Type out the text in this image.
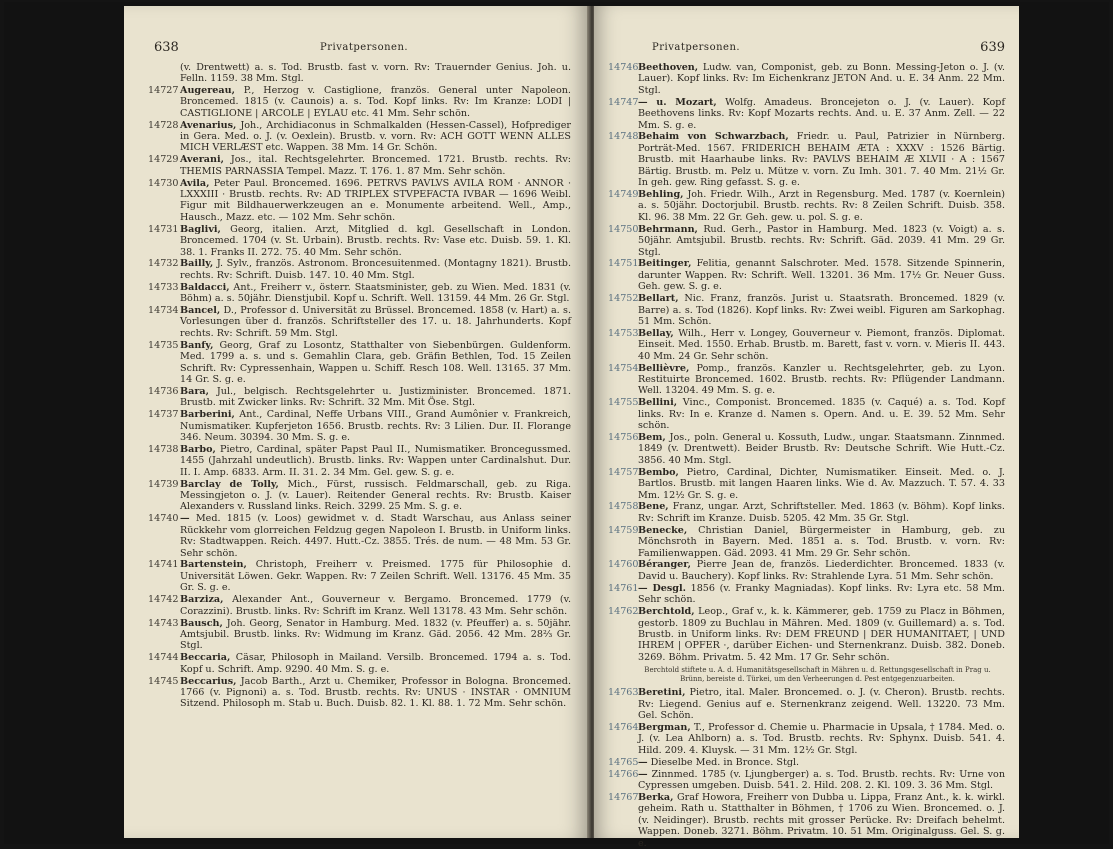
638	Privatpersonen.
(v. Drentwett) a. s. Tod. Brustb. fast v. vorn. Rv: Trauernder Genius. Joh. u. Felln. 1159. 38 Mm. Stgl.
14727 Augereau, P., Herzog v. Castiglione, französ. General unter Napoleon. Broncemed. 1815 (v. Caunois) a. s. Tod. Kopf links. Rv: Im Kranze: LODI | CASTIGLIONE | ARCOLE | EYLAU etc. 41 Mm. Sehr schön.
14728 Avenarius, Joh., Archidiaconus in Schmalkalden (Hessen-Cassel), Hofprediger in Gera. Med. o. J. (v. Oexlein). Brustb. v. vorn. Rv: ACH GOTT WENN ALLES MICH VERLÆST etc. Wappen. 38 Mm. 14 Gr. Schön.
14729 Averani, Jos., ital. Rechtsgelehrter. Broncemed. 1721. Brustb. rechts. Rv: THEMIS PARNASSIA Tempel. Mazz. T. 176. 1. 87 Mm. Sehr schön.
14730 Avila, Peter Paul. Broncemed. 1696. PETRVS PAVLVS AVILA ROM · ANNOR · LXXXIII · Brustb. rechts. Rv: AD TRIPLEX STVPEFACTA IVBAR — 1696 Weibl. Figur mit Bildhauerwerkzeugen an e. Monumente arbeitend. Well., Amp., Hausch., Mazz. etc. — 102 Mm. Sehr schön.
14731 Baglivi, Georg, italien. Arzt, Mitglied d. kgl. Gesellschaft in London. Broncemed. 1704 (v. St. Urbain). Brustb. rechts. Rv: Vase etc. Duisb. 59. 1. Kl. 38. 1. Franks II. 272. 75. 40 Mm. Sehr schön.
14732 Bailly, J. Sylv., französ. Astronom. Broncesuitenmed. (Montagny 1821). Brustb. rechts. Rv: Schrift. Duisb. 147. 10. 40 Mm. Stgl.
14733 Baldacci, Ant., Freiherr v., österr. Staatsminister, geb. zu Wien. Med. 1831 (v. Böhm) a. s. 50jähr. Dienstjubil. Kopf u. Schrift. Well. 13159. 44 Mm. 26 Gr. Stgl.
14734 Bancel, D., Professor d. Universität zu Brüssel. Broncemed. 1858 (v. Hart) a. s. Vorlesungen über d. französ. Schriftsteller des 17. u. 18. Jahrhunderts. Kopf rechts. Rv: Schrift. 59 Mm. Stgl.
14735 Banfy, Georg, Graf zu Losontz, Statthalter von Siebenbürgen. Guldenform. Med. 1799 a. s. und s. Gemahlin Clara, geb. Gräfin Bethlen, Tod. 15 Zeilen Schrift. Rv: Cypressenhain, Wappen u. Schiff. Resch 108. Well. 13165. 37 Mm. 14 Gr. S. g. e.
14736 Bara, Jul., belgisch. Rechtsgelehrter u. Justizminister. Broncemed. 1871. Brustb. mit Zwicker links. Rv: Schrift. 32 Mm. Mit Öse. Stgl.
14737 Barberini, Ant., Cardinal, Neffe Urbans VIII., Grand Aumônier v. Frankreich, Numismatiker. Kupferjeton 1656. Brustb. rechts. Rv: 3 Lilien. Dur. II. Florange 346. Neum. 30394. 30 Mm. S. g. e.
14738 Barbo, Pietro, Cardinal, später Papst Paul II., Numismatiker. Broncegussmed. 1455 (Jahrzahl undeutlich). Brustb. links. Rv: Wappen unter Cardinalshut. Dur. II. I. Amp. 6833. Arm. II. 31. 2. 34 Mm. Gel. gew. S. g. e.
14739 Barclay de Tolly, Mich., Fürst, russisch. Feldmarschall, geb. zu Riga. Messingjeton o. J. (v. Lauer). Reitender General rechts. Rv: Brustb. Kaiser Alexanders v. Russland links. Reich. 3299. 25 Mm. S. g. e.
14740 — Med. 1815 (v. Loos) gewidmet v. d. Stadt Warschau, aus Anlass seiner Rückkehr vom glorreichen Feldzug gegen Napoleon I. Brustb. in Uniform links. Rv: Stadtwappen. Reich. 4497. Hutt.-Cz. 3855. Trés. de num. — 48 Mm. 53 Gr. Sehr schön.
14741 Bartenstein, Christoph, Freiherr v. Preismed. 1775 für Philosophie d. Universität Löwen. Gekr. Wappen. Rv: 7 Zeilen Schrift. Well. 13176. 45 Mm. 35 Gr. S. g. e.
14742 Barziza, Alexander Ant., Gouverneur v. Bergamo. Broncemed. 1779 (v. Corazzini). Brustb. links. Rv: Schrift im Kranz. Well 13178. 43 Mm. Sehr schön.
14743 Bausch, Joh. Georg, Senator in Hamburg. Med. 1832 (v. Pfeuffer) a. s. 50jähr. Amtsjubil. Brustb. links. Rv: Widmung im Kranz. Gäd. 2056. 42 Mm. 28⅔ Gr. Stgl.
14744 Beccaria, Cäsar, Philosoph in Mailand. Versilb. Broncemed. 1794 a. s. Tod. Kopf u. Schrift. Amp. 9290. 40 Mm. S. g. e.
14745 Beccarius, Jacob Barth., Arzt u. Chemiker, Professor in Bologna. Broncemed. 1766 (v. Pignoni) a. s. Tod. Brustb. rechts. Rv: UNUS · INSTAR · OMNIUM Sitzend. Philosoph m. Stab u. Buch. Duisb. 82. 1. Kl. 88. 1. 72 Mm. Sehr schön.
Privatpersonen.	639
14746 Beethoven, Ludw. van, Componist, geb. zu Bonn. Messing-Jeton o. J. (v. Lauer). Kopf links. Rv: Im Eichenkranz JETON And. u. E. 34 Anm. 22 Mm. Stgl.
14747 — u. Mozart, Wolfg. Amadeus. Broncejeton o. J. (v. Lauer). Kopf Beethovens links. Rv: Kopf Mozarts rechts. And. u. E. 37 Anm. Zell. — 22 Mm. S. g. e.
14748 Behaim von Schwarzbach, Friedr. u. Paul, Patrizier in Nürnberg. Porträt-Med. 1567. FRIDERICH BEHAIM ÆTA : XXXV : 1526 Bärtig. Brustb. mit Haarhaube links. Rv: PAVLVS BEHAIM Æ XLVII · A : 1567 Bärtig. Brustb. m. Pelz u. Mütze v. vorn. Zu Imh. 301. 7. 40 Mm. 21½ Gr. In geh. gew. Ring gefasst. S. g. e.
14749 Behling, Joh. Friedr. Wilh., Arzt in Regensburg. Med. 1787 (v. Koernlein) a. s. 50jähr. Doctorjubil. Brustb. rechts. Rv: 8 Zeilen Schrift. Duisb. 358. Kl. 96. 38 Mm. 22 Gr. Geh. gew. u. pol. S. g. e.
14750 Behrmann, Rud. Gerh., Pastor in Hamburg. Med. 1823 (v. Voigt) a. s. 50jähr. Amtsjubil. Brustb. rechts. Rv: Schrift. Gäd. 2039. 41 Mm. 29 Gr. Stgl.
14751 Beitinger, Felitia, genannt Salschroter. Med. 1578. Sitzende Spinnerin, darunter Wappen. Rv: Schrift. Well. 13201. 36 Mm. 17½ Gr. Neuer Guss. Geh. gew. S. g. e.
14752 Bellart, Nic. Franz, französ. Jurist u. Staatsrath. Broncemed. 1829 (v. Barre) a. s. Tod (1826). Kopf links. Rv: Zwei weibl. Figuren am Sarkophag. 51 Mm. Schön.
14753 Bellay, Wilh., Herr v. Longey, Gouverneur v. Piemont, französ. Diplomat. Einseit. Med. 1550. Erhab. Brustb. m. Barett, fast v. vorn. v. Mieris II. 443. 40 Mm. 24 Gr. Sehr schön.
14754 Bellièvre, Pomp., französ. Kanzler u. Rechtsgelehrter, geb. zu Lyon. Restituirte Broncemed. 1602. Brustb. rechts. Rv: Pflügender Landmann. Well. 13204. 49 Mm. S. g. e.
14755 Bellini, Vinc., Componist. Broncemed. 1835 (v. Caqué) a. s. Tod. Kopf links. Rv: In e. Kranze d. Namen s. Opern. And. u. E. 39. 52 Mm. Sehr schön.
14756 Bem, Jos., poln. General u. Kossuth, Ludw., ungar. Staatsmann. Zinnmed. 1849 (v. Drentwett). Beider Brustb. Rv: Deutsche Schrift. Wie Hutt.-Cz. 3856. 40 Mm. Stgl.
14757 Bembo, Pietro, Cardinal, Dichter, Numismatiker. Einseit. Med. o. J. Bartlos. Brustb. mit langen Haaren links. Wie d. Av. Mazzuch. T. 57. 4. 33 Mm. 12½ Gr. S. g. e.
14758 Bene, Franz, ungar. Arzt, Schriftsteller. Med. 1863 (v. Böhm). Kopf links. Rv: Schrift im Kranze. Duisb. 5205. 42 Mm. 35 Gr. Stgl.
14759 Benecke, Christian Daniel, Bürgermeister in Hamburg, geb. zu Mönchsroth in Bayern. Med. 1851 a. s. Tod. Brustb. v. vorn. Rv: Familienwappen. Gäd. 2093. 41 Mm. 29 Gr. Sehr schön.
14760 Béranger, Pierre Jean de, französ. Liederdichter. Broncemed. 1833 (v. David u. Bauchery). Kopf links. Rv: Strahlende Lyra. 51 Mm. Sehr schön.
14761 — Desgl. 1856 (v. Franky Magniadas). Kopf links. Rv: Lyra etc. 58 Mm. Sehr schön.
14762 Berchtold, Leop., Graf v., k. k. Kämmerer, geb. 1759 zu Placz in Böhmen, gestorb. 1809 zu Buchlau in Mähren. Med. 1809 (v. Guillemard) a. s. Tod. Brustb. in Uniform links. Rv: DEM FREUND | DER HUMANITAET, | UND IHREM | OPFER ·, darüber Eichen- und Sternenkranz. Duisb. 382. Doneb. 3269. Böhm. Privatm. 5. 42 Mm. 17 Gr. Sehr schön.
Berchtold stiftete u. A. d. Humanitätsgesellschaft in Mähren u. d. Rettungsgesellschaft in Prag u. Brünn, bereiste d. Türkei, um den Verheerungen d. Pest entgegenzuarbeiten.
14763 Beretini, Pietro, ital. Maler. Broncemed. o. J. (v. Cheron). Brustb. rechts. Rv: Liegend. Genius auf e. Sternenkranz zeigend. Well. 13220. 73 Mm. Gel. Schön.
14764 Bergman, T., Professor d. Chemie u. Pharmacie in Upsala, † 1784. Med. o. J. (v. Lea Ahlborn) a. s. Tod. Brustb. rechts. Rv: Sphynx. Duisb. 541. 4. Hild. 209. 4. Kluysk. — 31 Mm. 12½ Gr. Stgl.
14765 — Dieselbe Med. in Bronce. Stgl.
14766 — Zinnmed. 1785 (v. Ljungberger) a. s. Tod. Brustb. rechts. Rv: Urne von Cypressen umgeben. Duisb. 541. 2. Hild. 208. 2. Kl. 109. 3. 36 Mm. Stgl.
14767 Berka, Graf Howora, Freiherr von Dubba u. Lippa, Franz Ant., k. k. wirkl. geheim. Rath u. Statthalter in Böhmen, † 1706 zu Wien. Broncemed. o. J. (v. Neidinger). Brustb. rechts mit grosser Perücke. Rv: Dreifach behelmt. Wappen. Doneb. 3271. Böhm. Privatm. 10. 51 Mm. Originalguss. Gel. S. g. e.
